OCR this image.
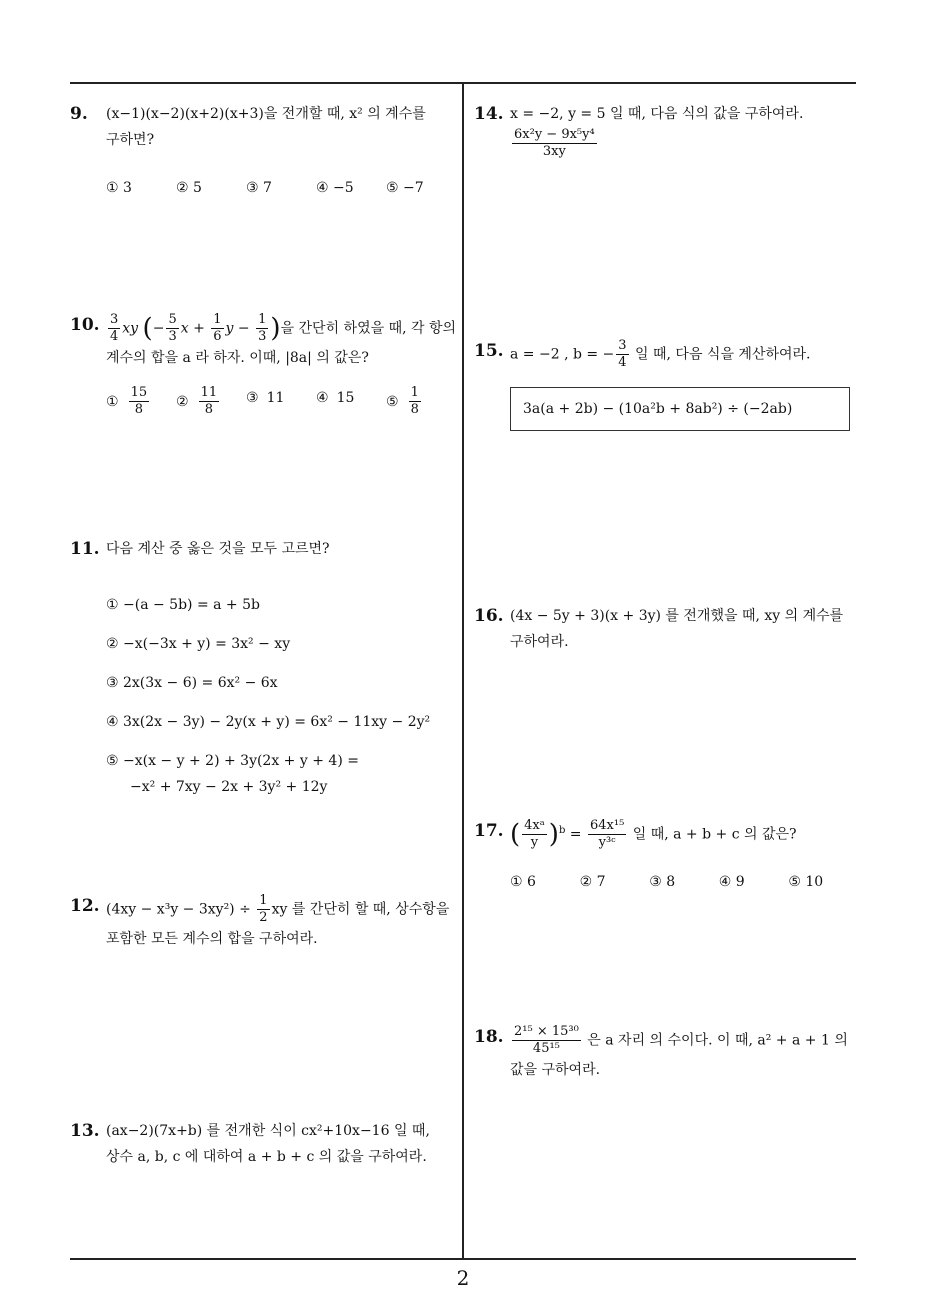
9. (x−1)(x−2)(x+2)(x+3)을 전개할 때, x² 의 계수를
구하면?
① 3	② 5	③ 7	④ −5	⑤ −7
10. $\frac{3}{4}$ xy (− $\frac{5}{3}$ $x + \frac{1}{6}$ $y - \frac{1}{3}$ )을 간단히 하였을 때, 각 항의
계수의 합을 a 라 하자. 이때, |8a| 의 값은?
① $\frac{15}{8}$ ② $\frac{11}{8}$ ③ 11	④ 15	⑤ $\frac{1}{8}$
11. 다음 계산 중 옳은 것을 모두 고르면?
① −(a − 5b) = a + 5b
② −x(−3x + y) = 3x² − xy
③ 2x(3x − 6) = 6x² − 6x
④ 3x(2x − 3y) − 2y(x + y) = 6x² − 11xy − 2y²
⑤ −x(x − y + 2) + 3y(2x + y + 4) =
−x² + 7xy − 2x + 3y² + 12y
12. $(4xy - x^3y - 3xy^2) \div \frac{1}{2}$ xy 를 간단히 할 때, 상수항을
포함한 모든 계수의 합을 구하여라.
13. (ax−2)(7x+b) 를 전개한 식이 cx²+10x−16 일 때,
상수 a, b, c 에 대하여 a + b + c 의 값을 구하여라.
14. x = −2, y = 5 일 때, 다음 식의 값을 구하여라.
$\frac{\text{6x²y − 9x⁵y⁴}}{3xy}$
15. a = −2 , b = − $\frac{3}{4}$ 일 때, 다음 식을 계산하여라.
3a(a + 2b) − (10a²b + 8ab²) ÷ (−2ab)
16. (4x − 5y + 3)(x + 3y) 를 전개했을 때, xy 의 계수를
구하여라.
17. ( $\frac{\text{4xᵃ}}{y} )^b = \frac{\text{64x¹⁵}}{\text{y³ᶜ}}$ 일 때, a + b + c 의 값은?
① 6	② 7	③ 8	④ 9	⑤ 10
18. $\frac{\text{2¹⁵ × 15³⁰}}{\text{45¹⁵}}$ 은 a 자리 의 수이다. 이 때, a² + a + 1 의
값을 구하여라.
2
